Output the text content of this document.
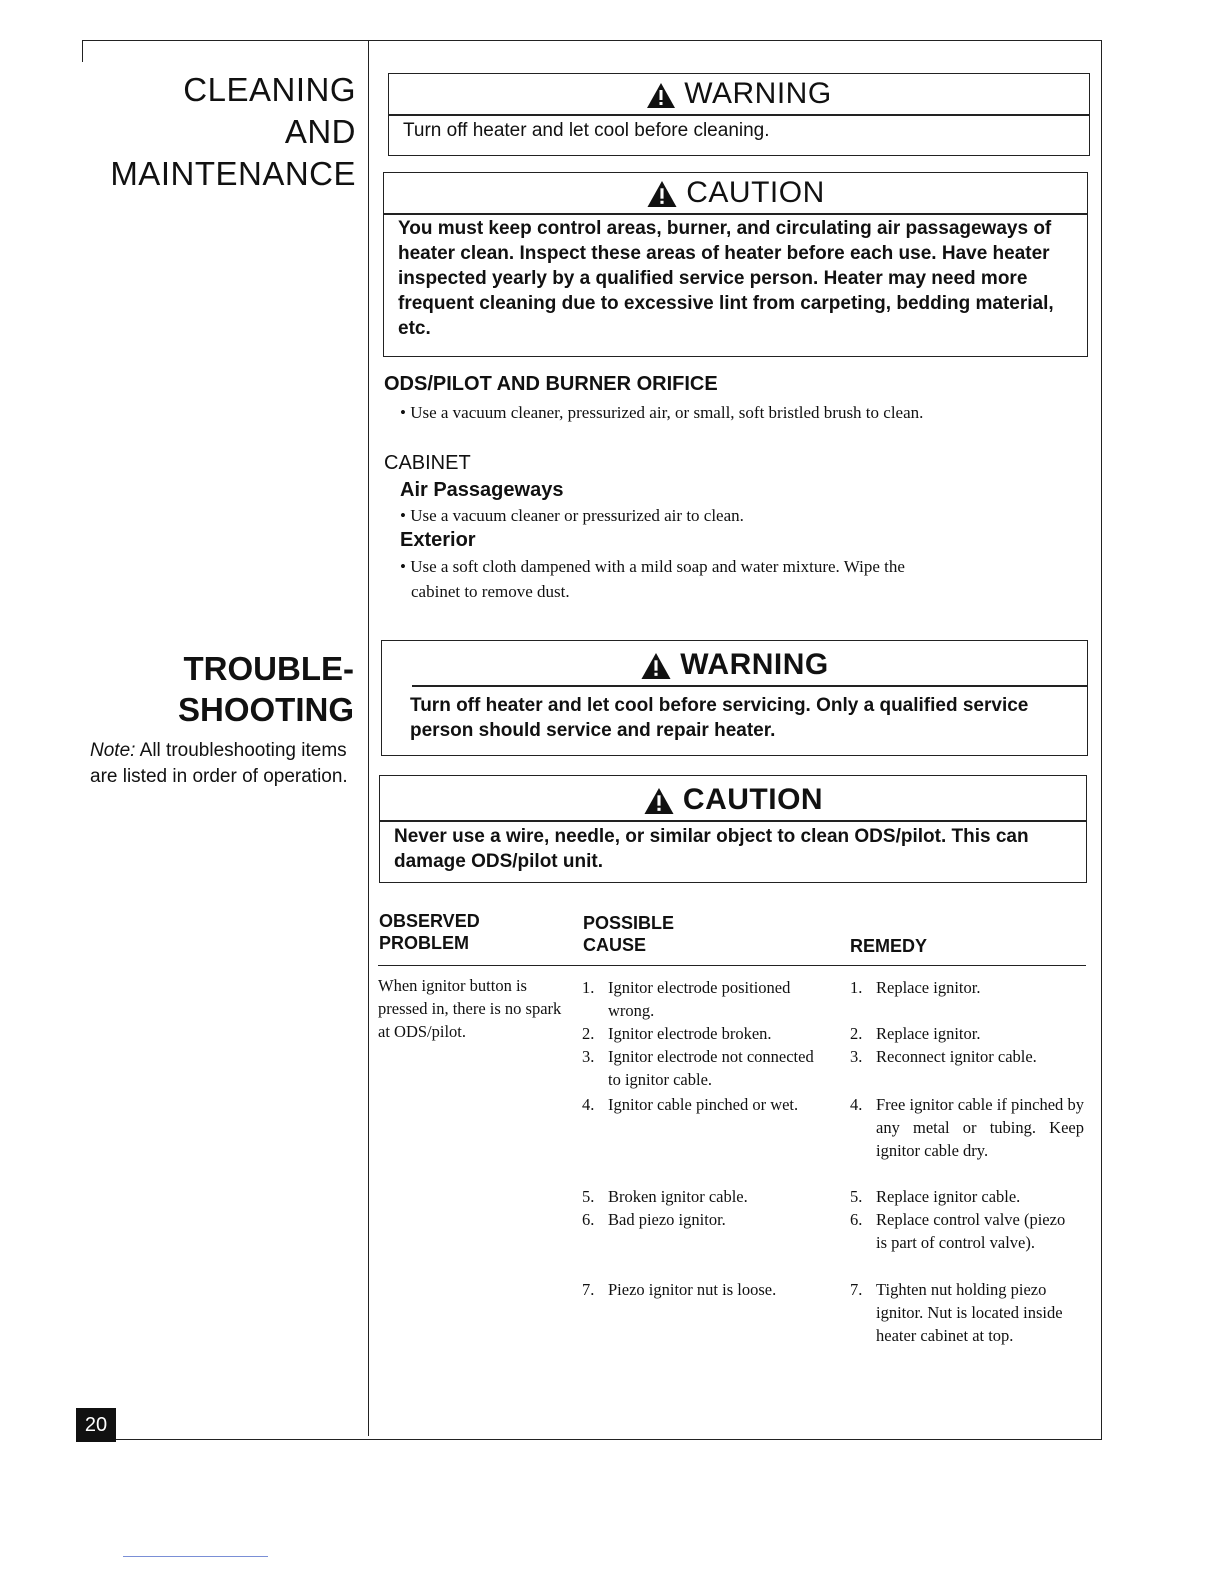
CLEANING
AND
MAINTENANCE
TROUBLE-
SHOOTING
Note: All troubleshooting items are listed in order of operation.
20
WARNING
Turn off heater and let cool before cleaning.
CAUTION
You must keep control areas, burner, and circulating air passageways of heater clean. Inspect these areas of heater before each use. Have heater inspected yearly by a qualified service person. Heater may need more frequent cleaning due to excessive lint from carpeting, bedding material, etc.
ODS/PILOT AND BURNER ORIFICE
• Use a vacuum cleaner, pressurized air, or small, soft bristled brush to clean.
CABINET
Air Passageways
• Use a vacuum cleaner or pressurized air to clean.
Exterior
• Use a soft cloth dampened with a mild soap and water mixture. Wipe the
cabinet to remove dust.
WARNING
Turn off heater and let cool before servicing. Only a qualified service person should service and repair heater.
CAUTION
Never use a wire, needle, or similar object to clean ODS/pilot. This can damage ODS/pilot unit.
OBSERVED
PROBLEM
POSSIBLE
CAUSE	REMEDY
When ignitor button is pressed in, there is no spark at ODS/pilot.
1. Ignitor electrode positioned wrong.
2. Ignitor electrode broken.
3. Ignitor electrode not connected to ignitor cable.
4. Ignitor cable pinched or wet.
5. Broken ignitor cable.
6. Bad piezo ignitor.
7. Piezo ignitor nut is loose.
1. Replace ignitor.
2. Replace ignitor.
3. Reconnect ignitor cable.
4. Free ignitor cable if pinched by any metal or tubing. Keep ignitor cable dry.
5. Replace ignitor cable.
6. Replace control valve (piezo is part of control valve).
7. Tighten nut holding piezo ignitor. Nut is located inside heater cabinet at top.
